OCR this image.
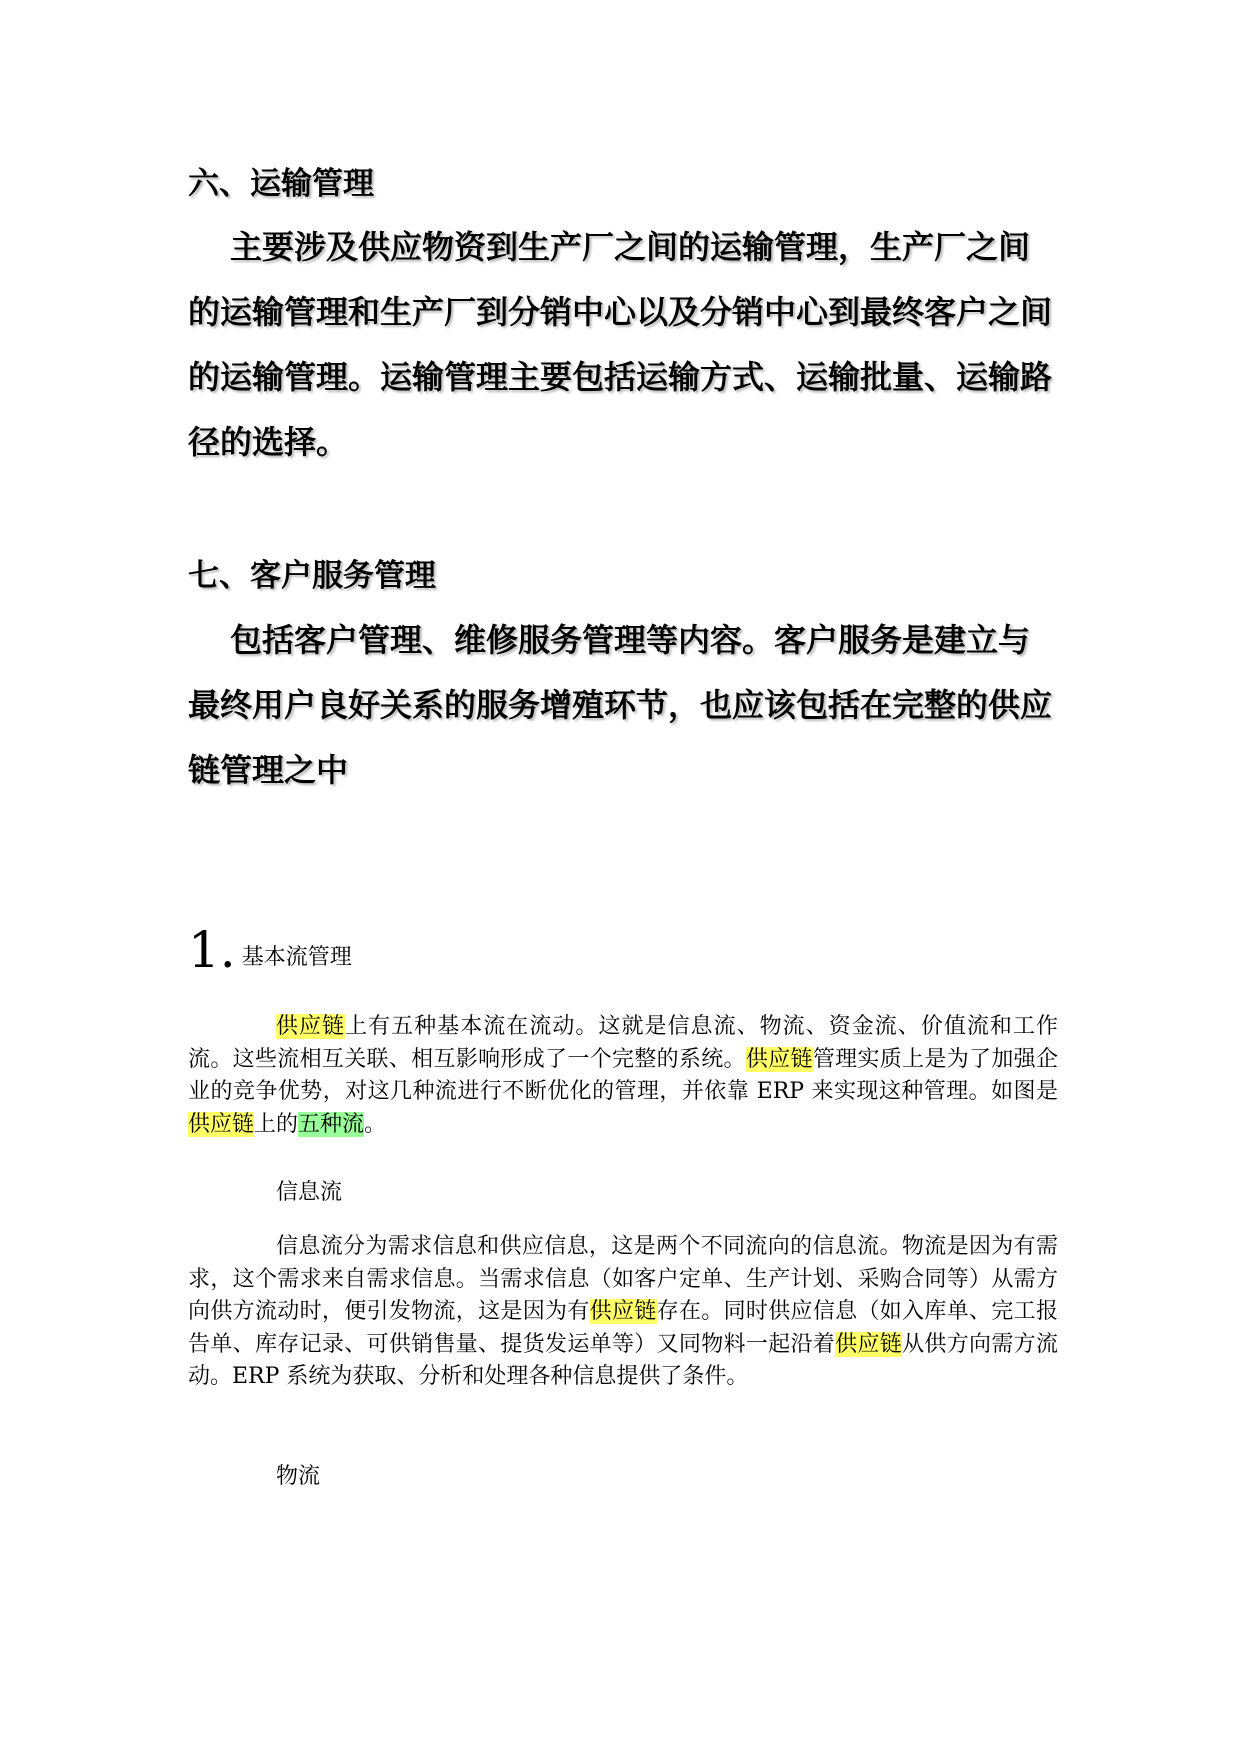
六、运输管理

主要涉及供应物资到生产厂之间的运输管理，生产厂之间的运输管理和生产厂到分销中心以及分销中心到最终客户之间的运输管理。运输管理主要包括运输方式、运输批量、运输路径的选择。

七、客户服务管理

包括客户管理、维修服务管理等内容。客户服务是建立与最终用户良好关系的服务增殖环节，也应该包括在完整的供应链管理之中

1. 基本流管理

供应链上有五种基本流在流动。这就是信息流、物流、资金流、价值流和工作流。这些流相互关联、相互影响形成了一个完整的系统。供应链管理实质上是为了加强企业的竞争优势，对这几种流进行不断优化的管理，并依靠 ERP 来实现这种管理。如图是供应链上的五种流。

信息流

信息流分为需求信息和供应信息，这是两个不同流向的信息流。物流是因为有需求，这个需求来自需求信息。当需求信息（如客户定单、生产计划、采购合同等）从需方向供方流动时，便引发物流，这是因为有供应链存在。同时供应信息（如入库单、完工报告单、库存记录、可供销售量、提货发运单等）又同物料一起沿着供应链从供方向需方流动。ERP 系统为获取、分析和处理各种信息提供了条件。

物流
